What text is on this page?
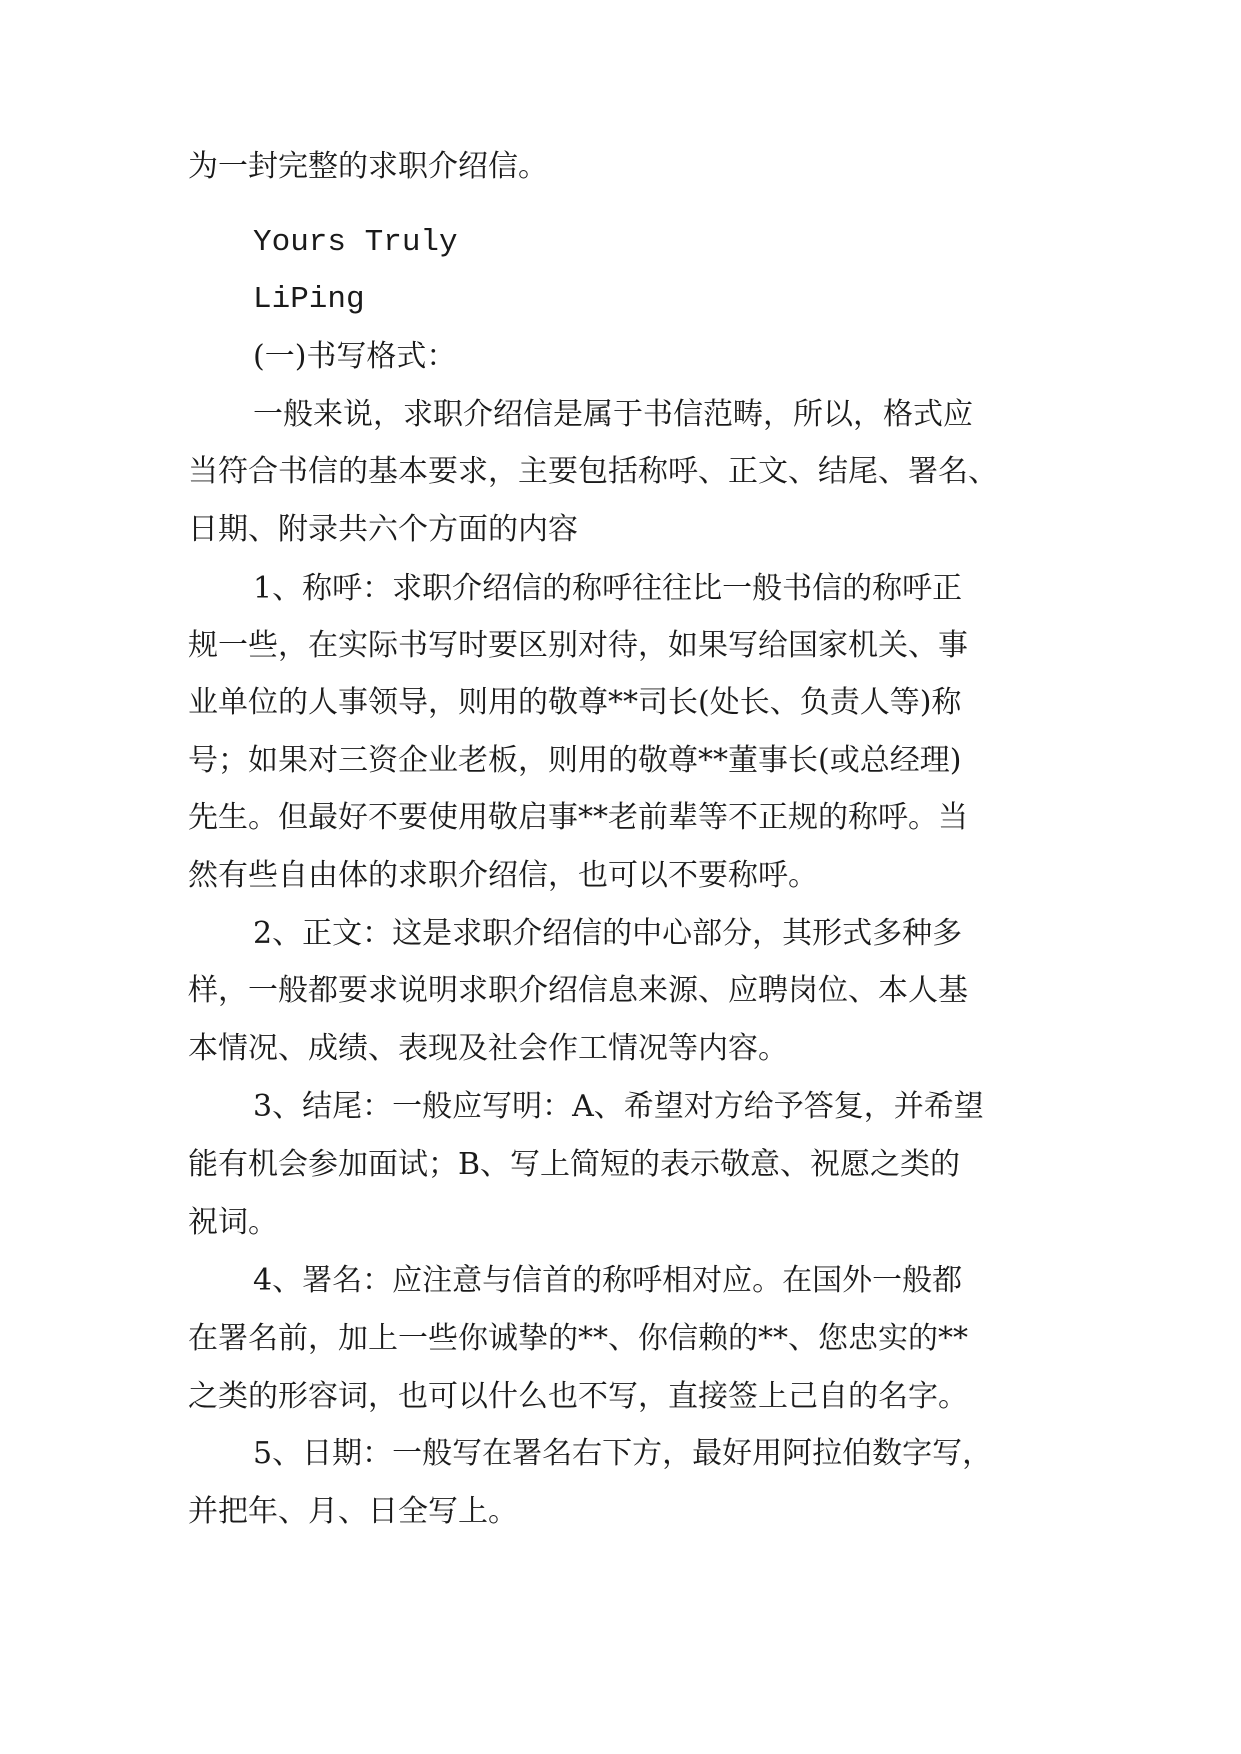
为一封完整的求职介绍信。
Yours Truly
LiPing
(一)书写格式：
一般来说，求职介绍信是属于书信范畴，所以，格式应
当符合书信的基本要求，主要包括称呼、正文、结尾、署名、
日期、附录共六个方面的内容
1、称呼：求职介绍信的称呼往往比一般书信的称呼正
规一些，在实际书写时要区别对待，如果写给国家机关、事
业单位的人事领导，则用的敬尊**司长(处长、负责人等)称
号；如果对三资企业老板，则用的敬尊**董事长(或总经理)
先生。但最好不要使用敬启事**老前辈等不正规的称呼。当
然有些自由体的求职介绍信，也可以不要称呼。
2、正文：这是求职介绍信的中心部分，其形式多种多
样，一般都要求说明求职介绍信息来源、应聘岗位、本人基
本情况、成绩、表现及社会作工情况等内容。
3、结尾：一般应写明：A、希望对方给予答复，并希望
能有机会参加面试；B、写上简短的表示敬意、祝愿之类的
祝词。
4、署名：应注意与信首的称呼相对应。在国外一般都
在署名前，加上一些你诚挚的**、你信赖的**、您忠实的**
之类的形容词，也可以什么也不写，直接签上己自的名字。
5、日期：一般写在署名右下方，最好用阿拉伯数字写，
并把年、月、日全写上。
